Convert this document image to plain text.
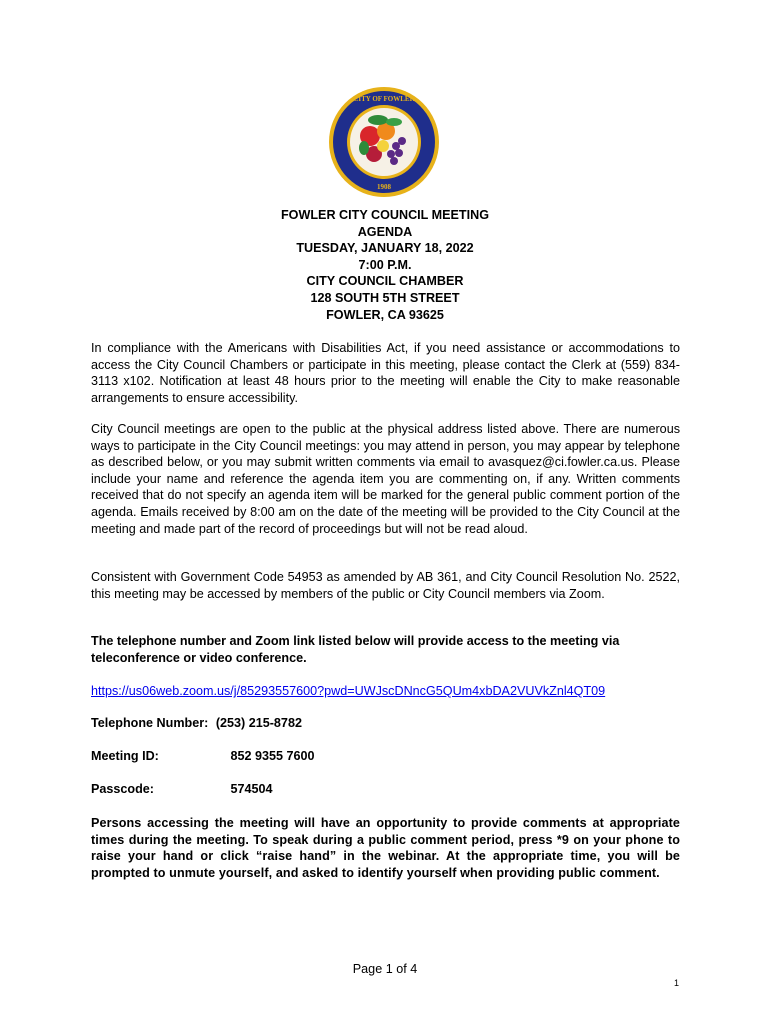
CITY OF FOWLER
1908
FOWLER CITY COUNCIL MEETING
AGENDA
TUESDAY, JANUARY 18, 2022
7:00 P.M.
CITY COUNCIL CHAMBER
128 SOUTH 5TH STREET
FOWLER, CA 93625
In compliance with the Americans with Disabilities Act, if you need assistance or accommodations to access the City Council Chambers or participate in this meeting, please contact the Clerk at (559) 834-3113 x102. Notification at least 48 hours prior to the meeting will enable the City to make reasonable arrangements to ensure accessibility.
City Council meetings are open to the public at the physical address listed above. There are numerous ways to participate in the City Council meetings: you may attend in person, you may appear by telephone as described below, or you may submit written comments via email to avasquez@ci.fowler.ca.us. Please include your name and reference the agenda item you are commenting on, if any. Written comments received that do not specify an agenda item will be marked for the general public comment portion of the agenda. Emails received by 8:00 am on the date of the meeting will be provided to the City Council at the meeting and made part of the record of proceedings but will not be read aloud.
Consistent with Government Code 54953 as amended by AB 361, and City Council Resolution No. 2522, this meeting may be accessed by members of the public or City Council members via Zoom.
The telephone number and Zoom link listed below will provide access to the meeting via teleconference or video conference.
https://us06web.zoom.us/j/85293557600?pwd=UWJscDNncG5QUm4xbDA2VUVkZnl4QT09
Telephone Number: (253) 215-8782
Meeting ID:	852 9355 7600
Passcode:	574504
Persons accessing the meeting will have an opportunity to provide comments at appropriate times during the meeting. To speak during a public comment period, press *9 on your phone to raise your hand or click “raise hand” in the webinar. At the appropriate time, you will be prompted to unmute yourself, and asked to identify yourself when providing public comment.
Page 1 of 4
1
